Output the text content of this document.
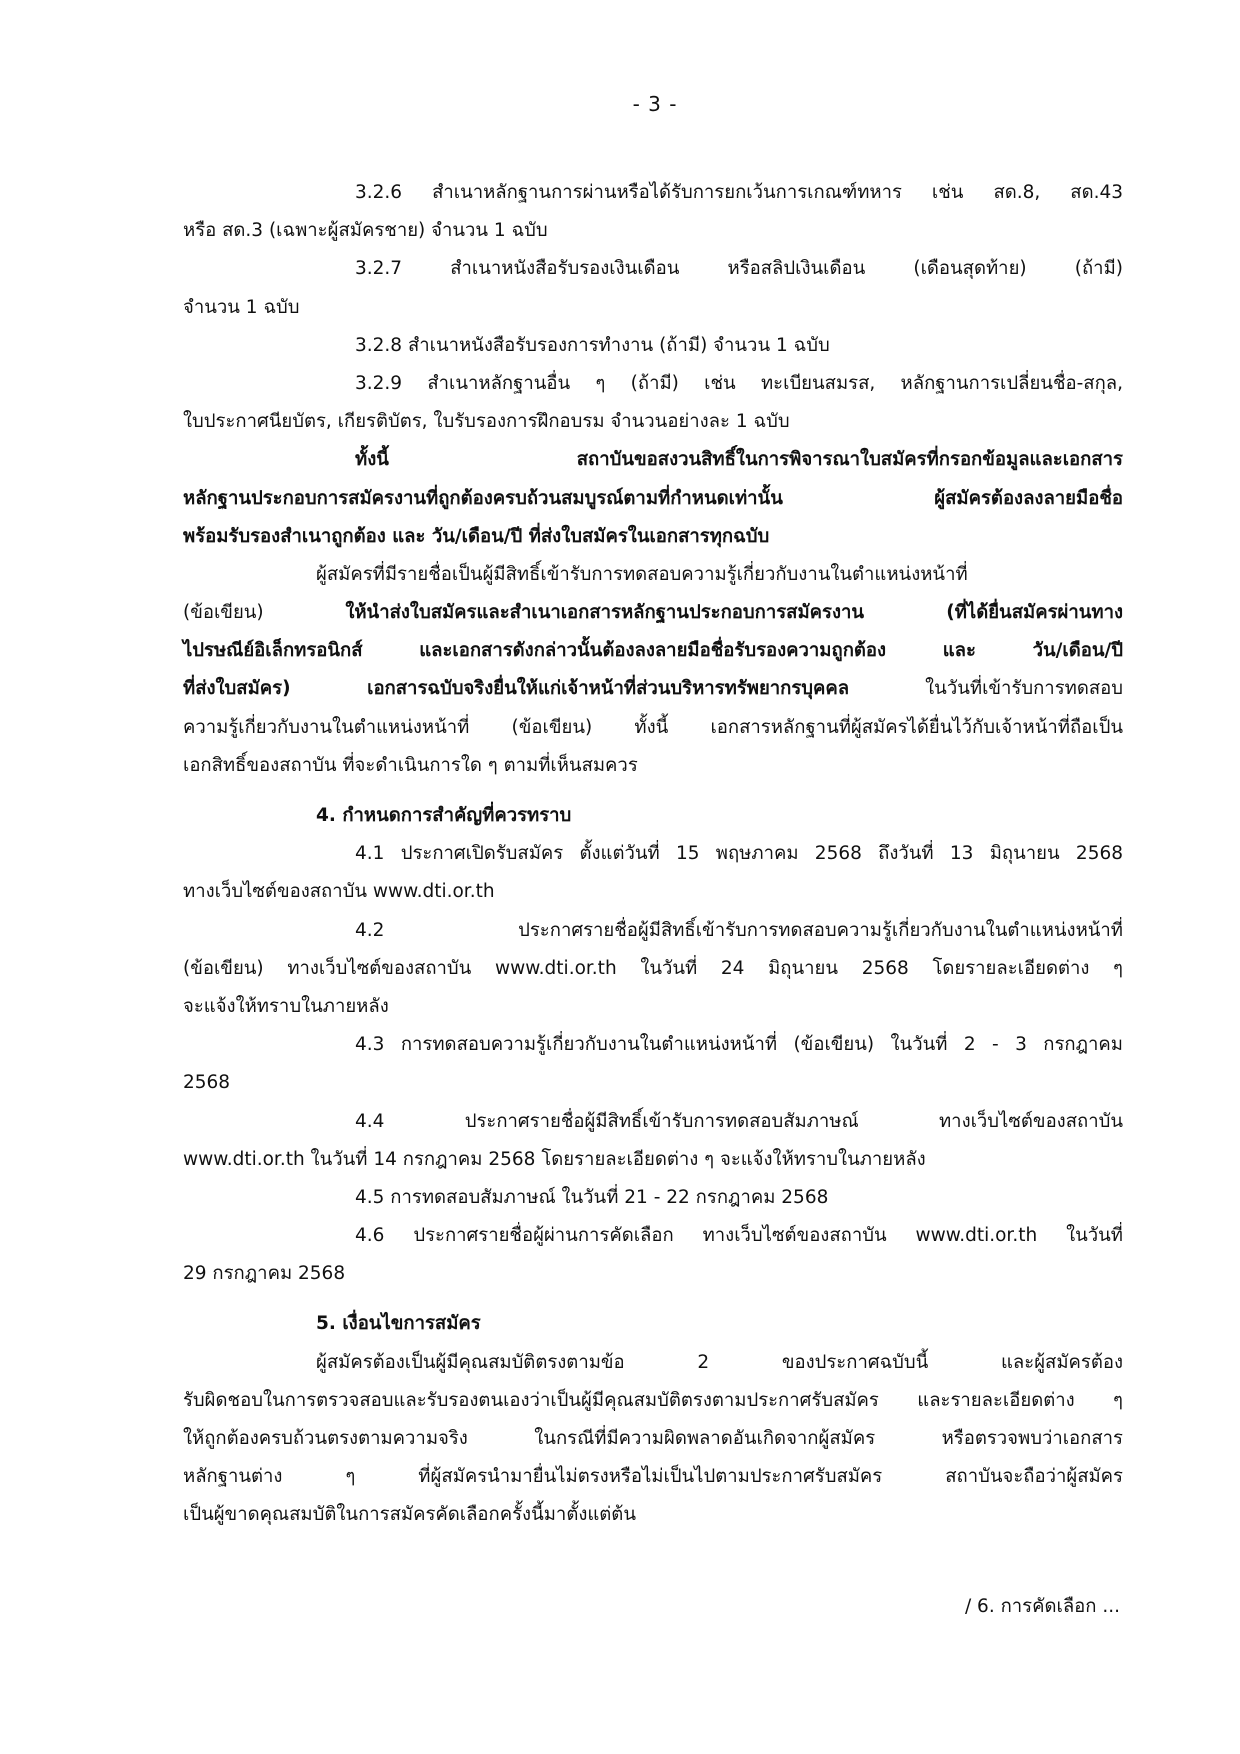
- 3 -
3.2.6 สำเนาหลักฐานการผ่านหรือได้รับการยกเว้นการเกณฑ์ทหาร เช่น สด.8, สด.43
หรือ สด.3 (เฉพาะผู้สมัครชาย) จำนวน 1 ฉบับ
3.2.7 สำเนาหนังสือรับรองเงินเดือน หรือสลิปเงินเดือน (เดือนสุดท้าย) (ถ้ามี)
จำนวน 1 ฉบับ
3.2.8 สำเนาหนังสือรับรองการทำงาน (ถ้ามี) จำนวน 1 ฉบับ
3.2.9 สำเนาหลักฐานอื่น ๆ (ถ้ามี) เช่น ทะเบียนสมรส, หลักฐานการเปลี่ยนชื่อ-สกุล,
ใบประกาศนียบัตร, เกียรติบัตร, ใบรับรองการฝึกอบรม จำนวนอย่างละ 1 ฉบับ
ทั้งนี้ สถาบันขอสงวนสิทธิ์ในการพิจารณาใบสมัครที่กรอกข้อมูลและเอกสาร
หลักฐานประกอบการสมัครงานที่ถูกต้องครบถ้วนสมบูรณ์ตามที่กำหนดเท่านั้น ผู้สมัครต้องลงลายมือชื่อ
พร้อมรับรองสำเนาถูกต้อง และ วัน/เดือน/ปี ที่ส่งใบสมัครในเอกสารทุกฉบับ
ผู้สมัครที่มีรายชื่อเป็นผู้มีสิทธิ์เข้ารับการทดสอบความรู้เกี่ยวกับงานในตำแหน่งหน้าที่
(ข้อเขียน) ให้นำส่งใบสมัครและสำเนาเอกสารหลักฐานประกอบการสมัครงาน (ที่ได้ยื่นสมัครผ่านทาง
ไปรษณีย์อิเล็กทรอนิกส์ และเอกสารดังกล่าวนั้นต้องลงลายมือชื่อรับรองความถูกต้อง และ วัน/เดือน/ปี
ที่ส่งใบสมัคร) เอกสารฉบับจริงยื่นให้แก่เจ้าหน้าที่ส่วนบริหารทรัพยากรบุคคล ในวันที่เข้ารับการทดสอบ
ความรู้เกี่ยวกับงานในตำแหน่งหน้าที่ (ข้อเขียน) ทั้งนี้ เอกสารหลักฐานที่ผู้สมัครได้ยื่นไว้กับเจ้าหน้าที่ถือเป็น
เอกสิทธิ์ของสถาบัน ที่จะดำเนินการใด ๆ ตามที่เห็นสมควร
4. กำหนดการสำคัญที่ควรทราบ
4.1 ประกาศเปิดรับสมัคร ตั้งแต่วันที่ 15 พฤษภาคม 2568 ถึงวันที่ 13 มิถุนายน 2568
ทางเว็บไซต์ของสถาบัน www.dti.or.th
4.2 ประกาศรายชื่อผู้มีสิทธิ์เข้ารับการทดสอบความรู้เกี่ยวกับงานในตำแหน่งหน้าที่
(ข้อเขียน) ทางเว็บไซต์ของสถาบัน www.dti.or.th ในวันที่ 24 มิถุนายน 2568 โดยรายละเอียดต่าง ๆ
จะแจ้งให้ทราบในภายหลัง
4.3 การทดสอบความรู้เกี่ยวกับงานในตำแหน่งหน้าที่ (ข้อเขียน) ในวันที่ 2 - 3 กรกฎาคม
2568
4.4 ประกาศรายชื่อผู้มีสิทธิ์เข้ารับการทดสอบสัมภาษณ์ ทางเว็บไซต์ของสถาบัน
www.dti.or.th ในวันที่ 14 กรกฎาคม 2568 โดยรายละเอียดต่าง ๆ จะแจ้งให้ทราบในภายหลัง
4.5 การทดสอบสัมภาษณ์ ในวันที่ 21 - 22 กรกฎาคม 2568
4.6 ประกาศรายชื่อผู้ผ่านการคัดเลือก ทางเว็บไซต์ของสถาบัน www.dti.or.th ในวันที่
29 กรกฎาคม 2568
5. เงื่อนไขการสมัคร
ผู้สมัครต้องเป็นผู้มีคุณสมบัติตรงตามข้อ 2 ของประกาศฉบับนี้ และผู้สมัครต้อง
รับผิดชอบในการตรวจสอบและรับรองตนเองว่าเป็นผู้มีคุณสมบัติตรงตามประกาศรับสมัคร และรายละเอียดต่าง ๆ
ให้ถูกต้องครบถ้วนตรงตามความจริง ในกรณีที่มีความผิดพลาดอันเกิดจากผู้สมัคร หรือตรวจพบว่าเอกสาร
หลักฐานต่าง ๆ ที่ผู้สมัครนำมายื่นไม่ตรงหรือไม่เป็นไปตามประกาศรับสมัคร สถาบันจะถือว่าผู้สมัคร
เป็นผู้ขาดคุณสมบัติในการสมัครคัดเลือกครั้งนี้มาตั้งแต่ต้น
/ 6. การคัดเลือก ...
